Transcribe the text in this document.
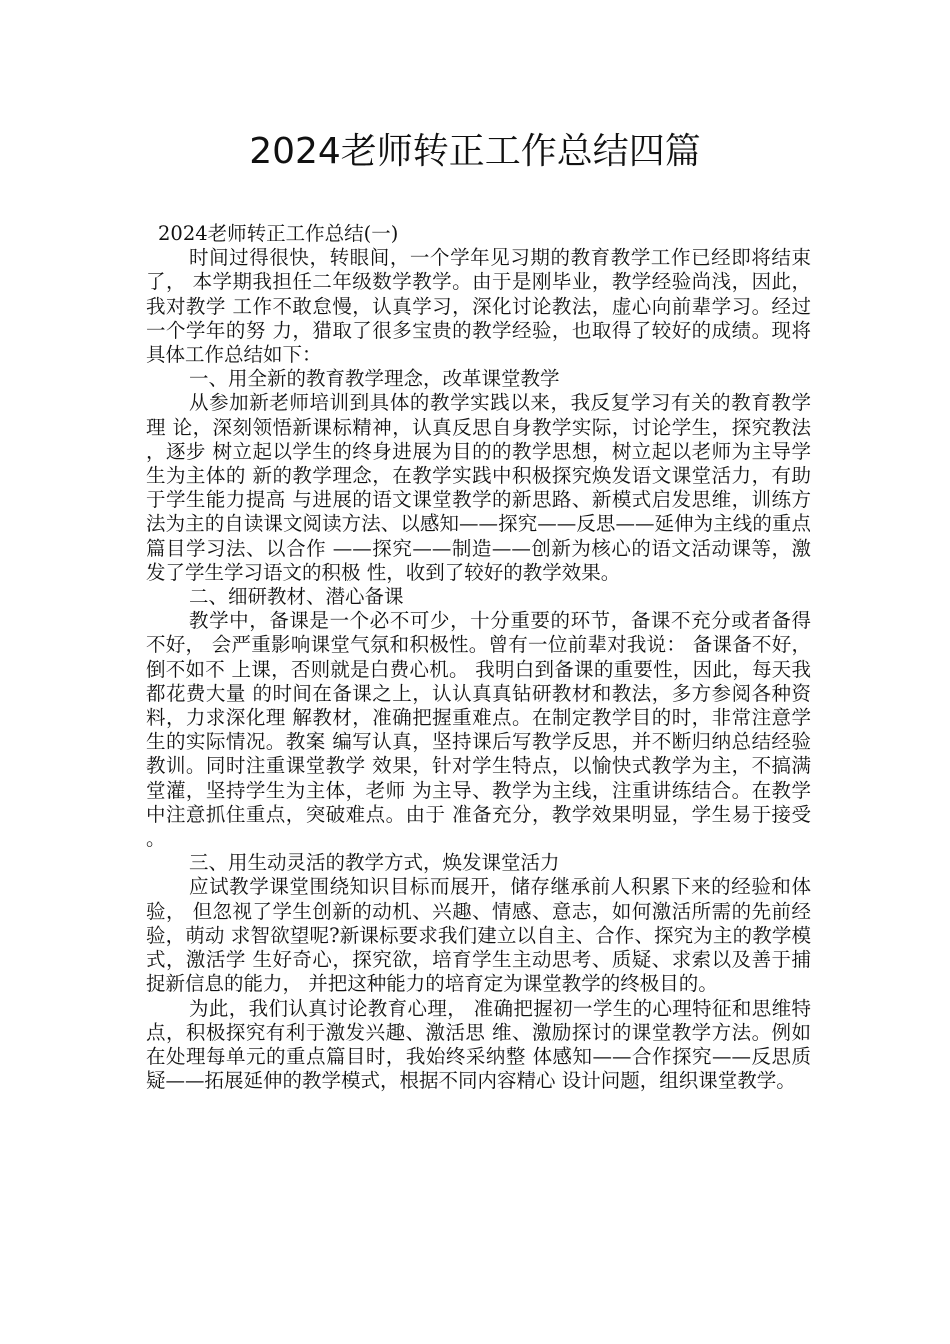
2024老师转正工作总结四篇

2024老师转正工作总结(一)

时间过得很快，转眼间，一个学年见习期的教育教学工作已经即将结束了， 本学期我担任二年级数学教学。由于是刚毕业，教学经验尚浅，因此，我对教学 工作不敢怠慢，认真学习，深化讨论教法，虚心向前辈学习。经过一个学年的努 力，猎取了很多宝贵的教学经验，也取得了较好的成绩。现将具体工作总结如下：

一、用全新的教育教学理念，改革课堂教学

从参加新老师培训到具体的教学实践以来，我反复学习有关的教育教学理 论，深刻领悟新课标精神，认真反思自身教学实际，讨论学生，探究教法，逐步 树立起以学生的终身进展为目的的教学思想，树立起以老师为主导学生为主体的 新的教学理念，在教学实践中积极探究焕发语文课堂活力，有助于学生能力提高 与进展的语文课堂教学的新思路、新模式启发思维，训练方法为主的自读课文阅读方法、以感知——探究——反思——延伸为主线的重点篇目学习法、以合作 ——探究——制造——创新为核心的语文活动课等，激发了学生学习语文的积极 性，收到了较好的教学效果。

二、细研教材、潜心备课

教学中，备课是一个必不可少，十分重要的环节，备课不充分或者备得不好， 会严重影响课堂气氛和积极性。曾有一位前辈对我说： 备课备不好，倒不如不 上课，否则就是白费心机。 我明白到备课的重要性，因此，每天我都花费大量 的时间在备课之上，认认真真钻研教材和教法，多方参阅各种资料，力求深化理 解教材，准确把握重难点。在制定教学目的时，非常注意学生的实际情况。教案 编写认真，坚持课后写教学反思，并不断归纳总结经验教训。同时注重课堂教学 效果，针对学生特点，以愉快式教学为主，不搞满堂灌，坚持学生为主体，老师 为主导、教学为主线，注重讲练结合。在教学中注意抓住重点，突破难点。由于 准备充分，教学效果明显，学生易于接受。

三、用生动灵活的教学方式，焕发课堂活力

应试教学课堂围绕知识目标而展开，储存继承前人积累下来的经验和体验， 但忽视了学生创新的动机、兴趣、情感、意志，如何激活所需的先前经验，萌动 求智欲望呢?新课标要求我们建立以自主、合作、探究为主的教学模式，激活学 生好奇心，探究欲，培育学生主动思考、质疑、求索以及善于捕捉新信息的能力， 并把这种能力的培育定为课堂教学的终极目的。

为此，我们认真讨论教育心理， 准确把握初一学生的心理特征和思维特点，积极探究有利于激发兴趣、激活思 维、激励探讨的课堂教学方法。例如在处理每单元的重点篇目时，我始终采纳整 体感知——合作探究——反思质疑——拓展延伸的教学模式，根据不同内容精心 设计问题，组织课堂教学。
